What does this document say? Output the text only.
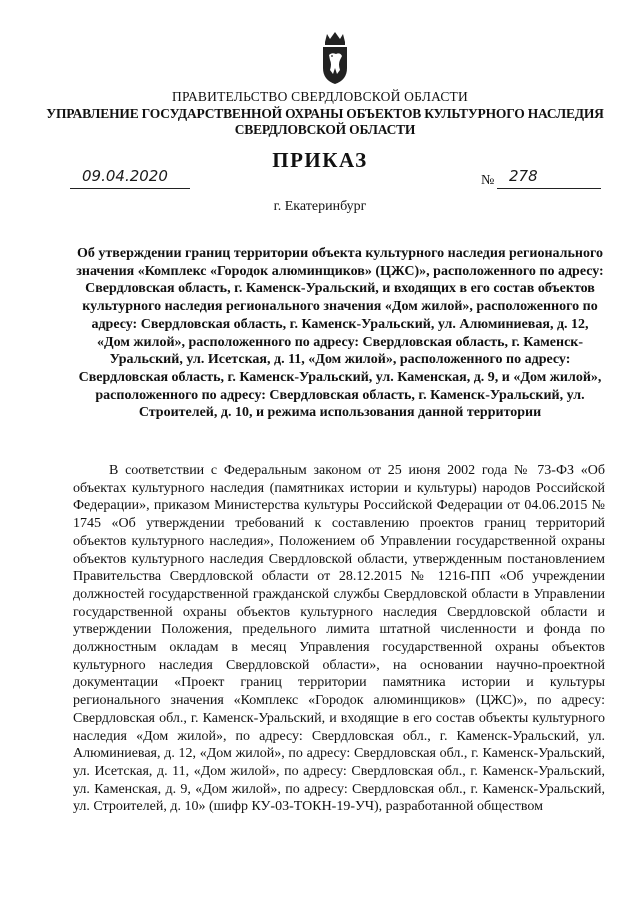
ПРАВИТЕЛЬСТВО СВЕРДЛОВСКОЙ ОБЛАСТИ
УПРАВЛЕНИЕ ГОСУДАРСТВЕННОЙ ОХРАНЫ ОБЪЕКТОВ КУЛЬТУРНОГО НАСЛЕДИЯ
СВЕРДЛОВСКОЙ ОБЛАСТИ
ПРИКАЗ
09.04.2020	№ 278
г. Екатеринбург

Об утверждении границ территории объекта культурного наследия регионального значения «Комплекс «Городок алюминщиков» (ЦЖС)», расположенного по адресу: Свердловская область, г. Каменск-Уральский, и входящих в его состав объектов культурного наследия регионального значения «Дом жилой», расположенного по адресу: Свердловская область, г. Каменск-Уральский, ул. Алюминиевая, д. 12, «Дом жилой», расположенного по адресу: Свердловская область, г. Каменск-Уральский, ул. Исетская, д. 11, «Дом жилой», расположенного по адресу: Свердловская область, г. Каменск-Уральский, ул. Каменская, д. 9, и «Дом жилой», расположенного по адресу: Свердловская область, г. Каменск-Уральский, ул. Строителей, д. 10, и режима использования данной территории

В соответствии с Федеральным законом от 25 июня 2002 года № 73-ФЗ «Об объектах культурного наследия (памятниках истории и культуры) народов Российской Федерации», приказом Министерства культуры Российской Федерации от 04.06.2015 № 1745 «Об утверждении требований к составлению проектов границ территорий объектов культурного наследия», Положением об Управлении государственной охраны объектов культурного наследия Свердловской области, утвержденным постановлением Правительства Свердловской области от 28.12.2015 № 1216-ПП «Об учреждении должностей государственной гражданской службы Свердловской области в Управлении государственной охраны объектов культурного наследия Свердловской области и утверждении Положения, предельного лимита штатной численности и фонда по должностным окладам в месяц Управления государственной охраны объектов культурного наследия Свердловской области», на основании научно-проектной документации «Проект границ территории памятника истории и культуры регионального значения «Комплекс «Городок алюминщиков» (ЦЖС)», по адресу: Свердловская обл., г. Каменск-Уральский, и входящие в его состав объекты культурного наследия «Дом жилой», по адресу: Свердловская обл., г. Каменск-Уральский, ул. Алюминиевая, д. 12, «Дом жилой», по адресу: Свердловская обл., г. Каменск-Уральский, ул. Исетская, д. 11, «Дом жилой», по адресу: Свердловская обл., г. Каменск-Уральский, ул. Каменская, д. 9, «Дом жилой», по адресу: Свердловская обл., г. Каменск-Уральский, ул. Строителей, д. 10» (шифр КУ-03-ТОКН-19-УЧ), разработанной обществом
